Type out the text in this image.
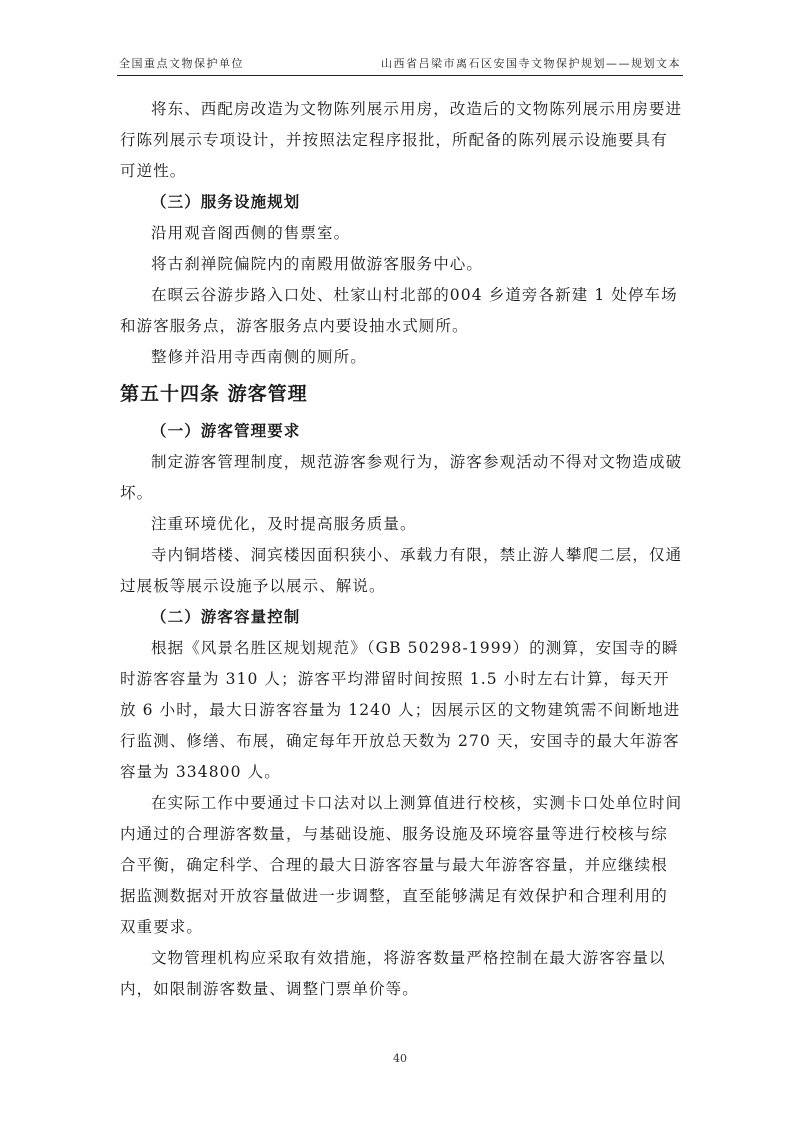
全国重点文物保护单位	山西省吕梁市离石区安国寺文物保护规划——规划文本

将东、西配房改造为文物陈列展示用房，改造后的文物陈列展示用房要进行陈列展示专项设计，并按照法定程序报批，所配备的陈列展示设施要具有可逆性。

（三）服务设施规划

沿用观音阁西侧的售票室。

将古刹禅院偏院内的南殿用做游客服务中心。

在暝云谷游步路入口处、杜家山村北部的004 乡道旁各新建 1 处停车场和游客服务点，游客服务点内要设抽水式厕所。

整修并沿用寺西南侧的厕所。

第五十四条 游客管理

（一）游客管理要求

制定游客管理制度，规范游客参观行为，游客参观活动不得对文物造成破坏。

注重环境优化，及时提高服务质量。

寺内铜塔楼、洞宾楼因面积狭小、承载力有限，禁止游人攀爬二层，仅通过展板等展示设施予以展示、解说。

（二）游客容量控制

根据《风景名胜区规划规范》（GB 50298-1999）的测算，安国寺的瞬时游客容量为 310 人；游客平均滞留时间按照 1.5 小时左右计算，每天开放 6 小时，最大日游客容量为 1240 人；因展示区的文物建筑需不间断地进行监测、修缮、布展，确定每年开放总天数为 270 天，安国寺的最大年游客容量为 334800 人。

在实际工作中要通过卡口法对以上测算值进行校核，实测卡口处单位时间内通过的合理游客数量，与基础设施、服务设施及环境容量等进行校核与综合平衡，确定科学、合理的最大日游客容量与最大年游客容量，并应继续根据监测数据对开放容量做进一步调整，直至能够满足有效保护和合理利用的双重要求。

文物管理机构应采取有效措施，将游客数量严格控制在最大游客容量以内，如限制游客数量、调整门票单价等。

40
